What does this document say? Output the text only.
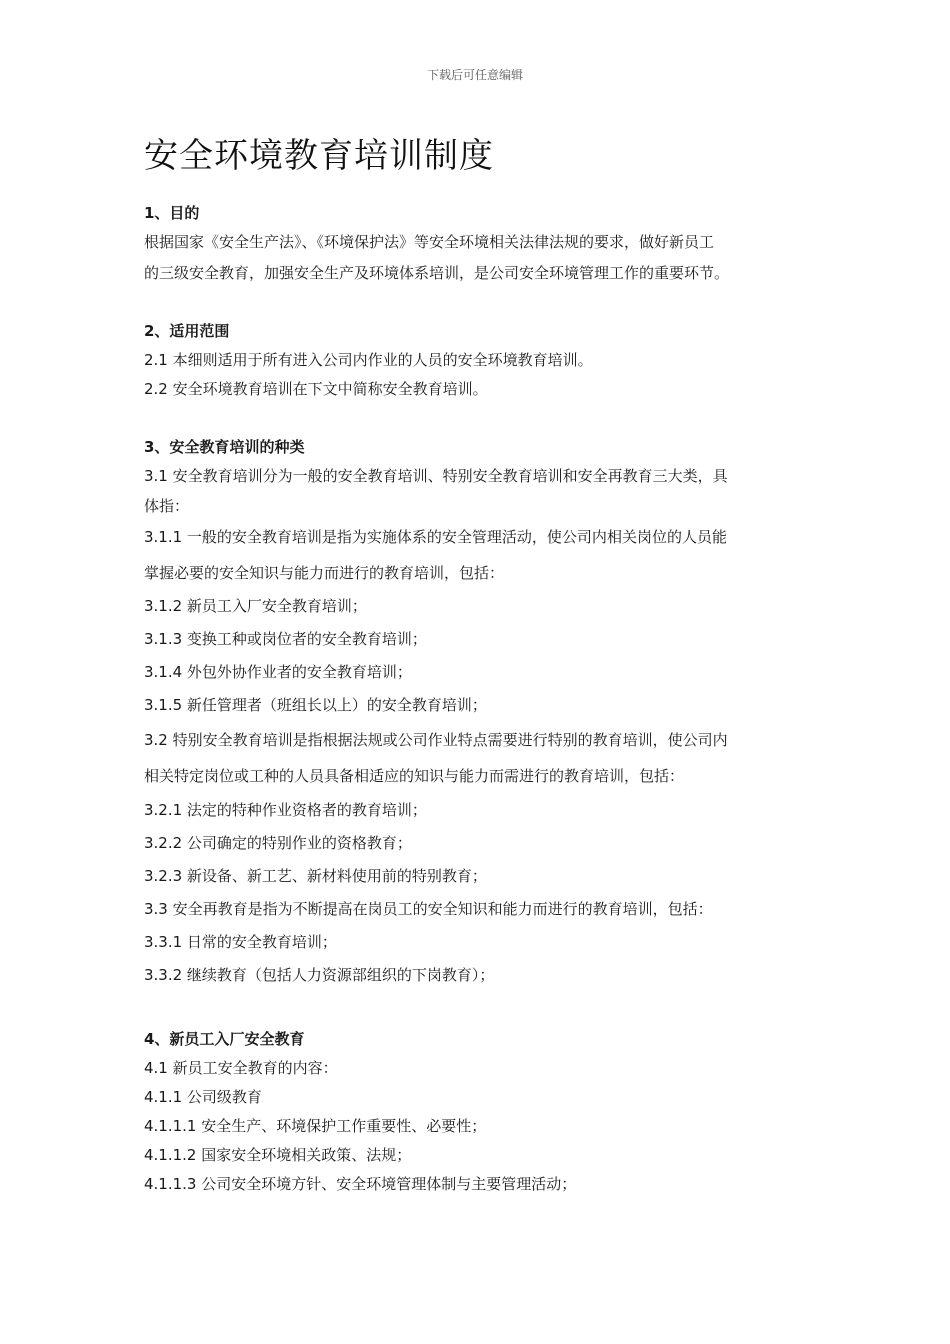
下载后可任意编辑
安全环境教育培训制度
1、目的
根据国家《安全生产法》、《环境保护法》等安全环境相关法律法规的要求，做好新员工
的三级安全教育，加强安全生产及环境体系培训，是公司安全环境管理工作的重要环节。
2、适用范围
2.1 本细则适用于所有进入公司内作业的人员的安全环境教育培训。
2.2 安全环境教育培训在下文中简称安全教育培训。
3、安全教育培训的种类
3.1 安全教育培训分为一般的安全教育培训、特别安全教育培训和安全再教育三大类，具
体指：
3.1.1 一般的安全教育培训是指为实施体系的安全管理活动，使公司内相关岗位的人员能
掌握必要的安全知识与能力而进行的教育培训，包括：
3.1.2 新员工入厂安全教育培训；
3.1.3 变换工种或岗位者的安全教育培训；
3.1.4 外包外协作业者的安全教育培训；
3.1.5 新任管理者（班组长以上）的安全教育培训；
3.2 特别安全教育培训是指根据法规或公司作业特点需要进行特别的教育培训，使公司内
相关特定岗位或工种的人员具备相适应的知识与能力而需进行的教育培训，包括：
3.2.1 法定的特种作业资格者的教育培训；
3.2.2 公司确定的特别作业的资格教育；
3.2.3 新设备、新工艺、新材料使用前的特别教育；
3.3 安全再教育是指为不断提高在岗员工的安全知识和能力而进行的教育培训，包括：
3.3.1 日常的安全教育培训；
3.3.2 继续教育（包括人力资源部组织的下岗教育）；
4、新员工入厂安全教育
4.1 新员工安全教育的内容：
4.1.1 公司级教育
4.1.1.1 安全生产、环境保护工作重要性、必要性；
4.1.1.2 国家安全环境相关政策、法规；
4.1.1.3 公司安全环境方针、安全环境管理体制与主要管理活动；
